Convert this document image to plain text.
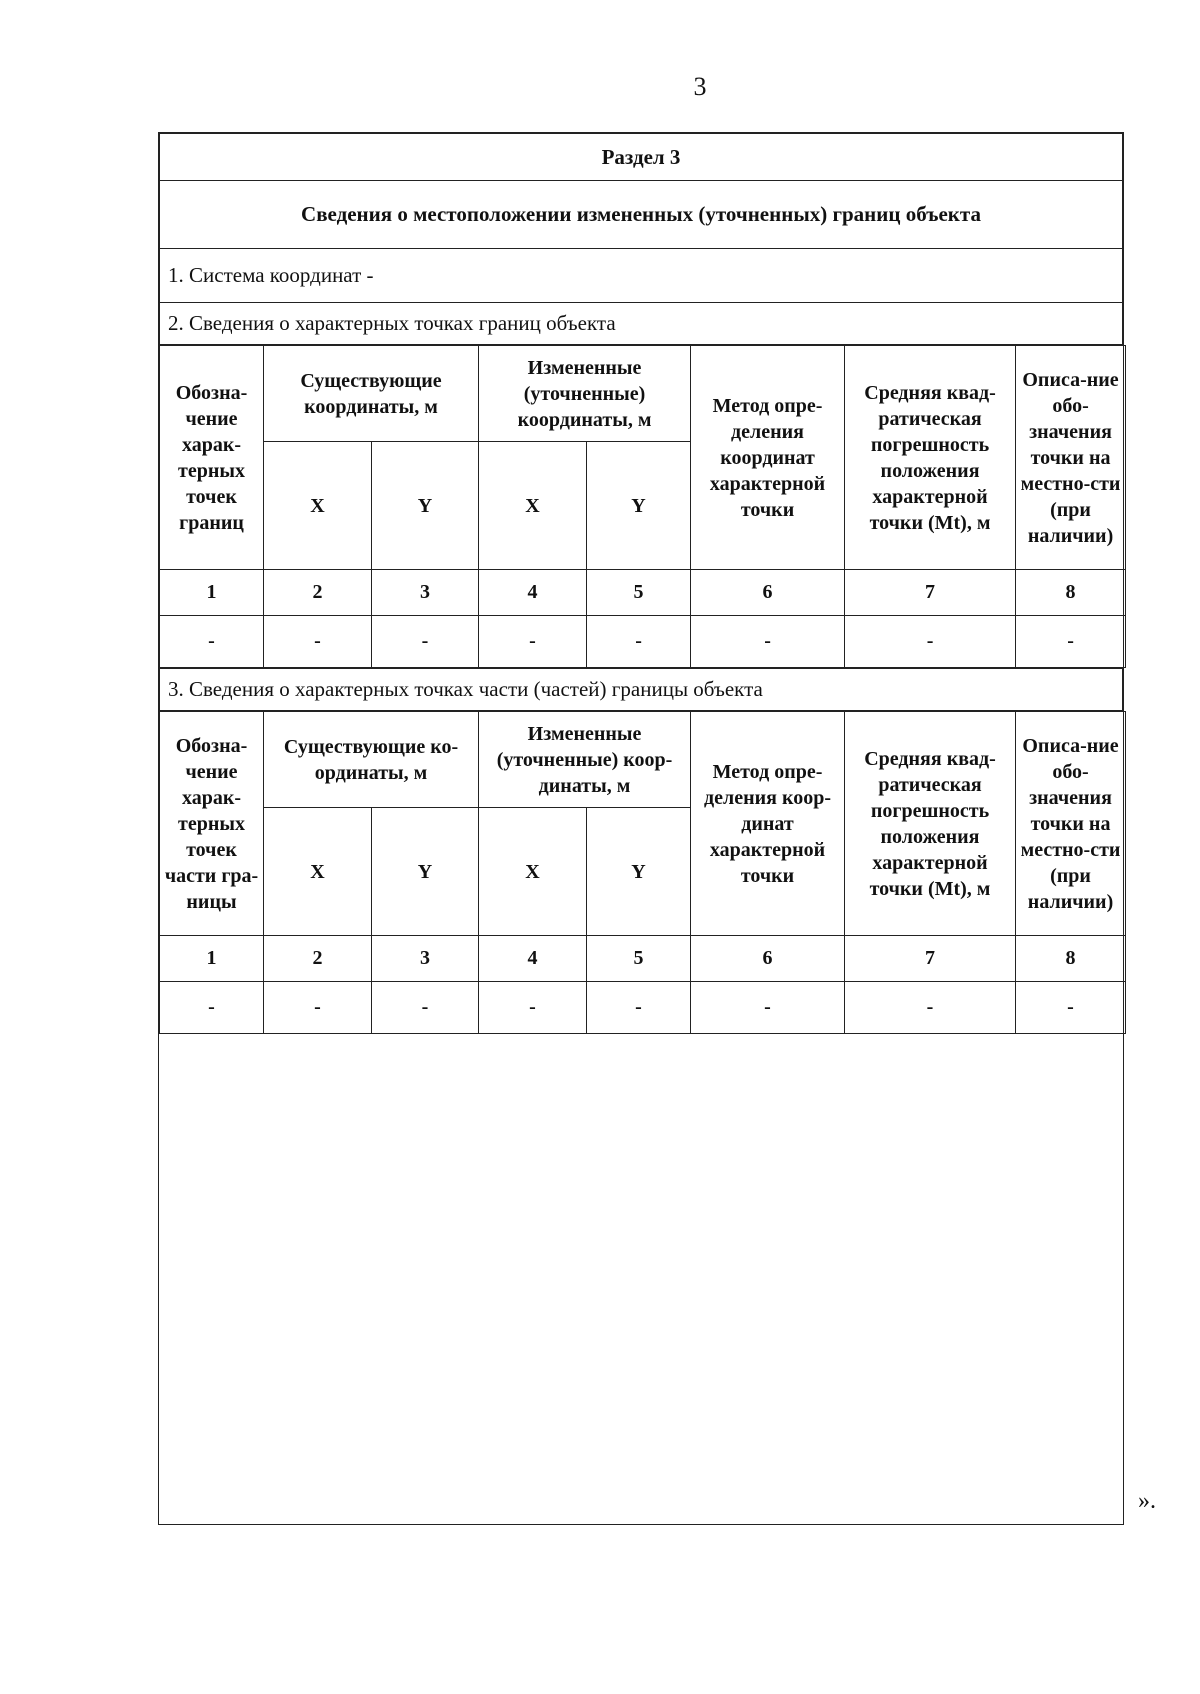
3
Раздел 3
Сведения о местоположении измененных (уточненных) границ объекта
1. Система координат -
2. Сведения о характерных точках границ объекта
Обозна-чение харак-терных точек границ	Существующие координаты, м		Измененные (уточненные) координаты, м		Метод опре-деления координат характерной точки	Средняя квад-ратическая погрешность положения характерной точки (Mt), м	Описа-ние обо-значения точки на местно-сти (при наличии)
	X	Y	X	Y			
1	2	3	4	5	6	7	8
-	-	-	-	-	-	-	-
3. Сведения о характерных точках части (частей) границы объекта
Обозна-чение харак-терных точек части гра-ницы	Существующие ко-ординаты, м		Измененные (уточненные) коор-динаты, м		Метод опре-деления коор-динат характерной точки	Средняя квад-ратическая погрешность положения характерной точки (Mt), м	Описа-ние обо-значения точки на местно-сти (при наличии)
	X	Y	X	Y			
1	2	3	4	5	6	7	8
-	-	-	-	-	-	-	-
».
